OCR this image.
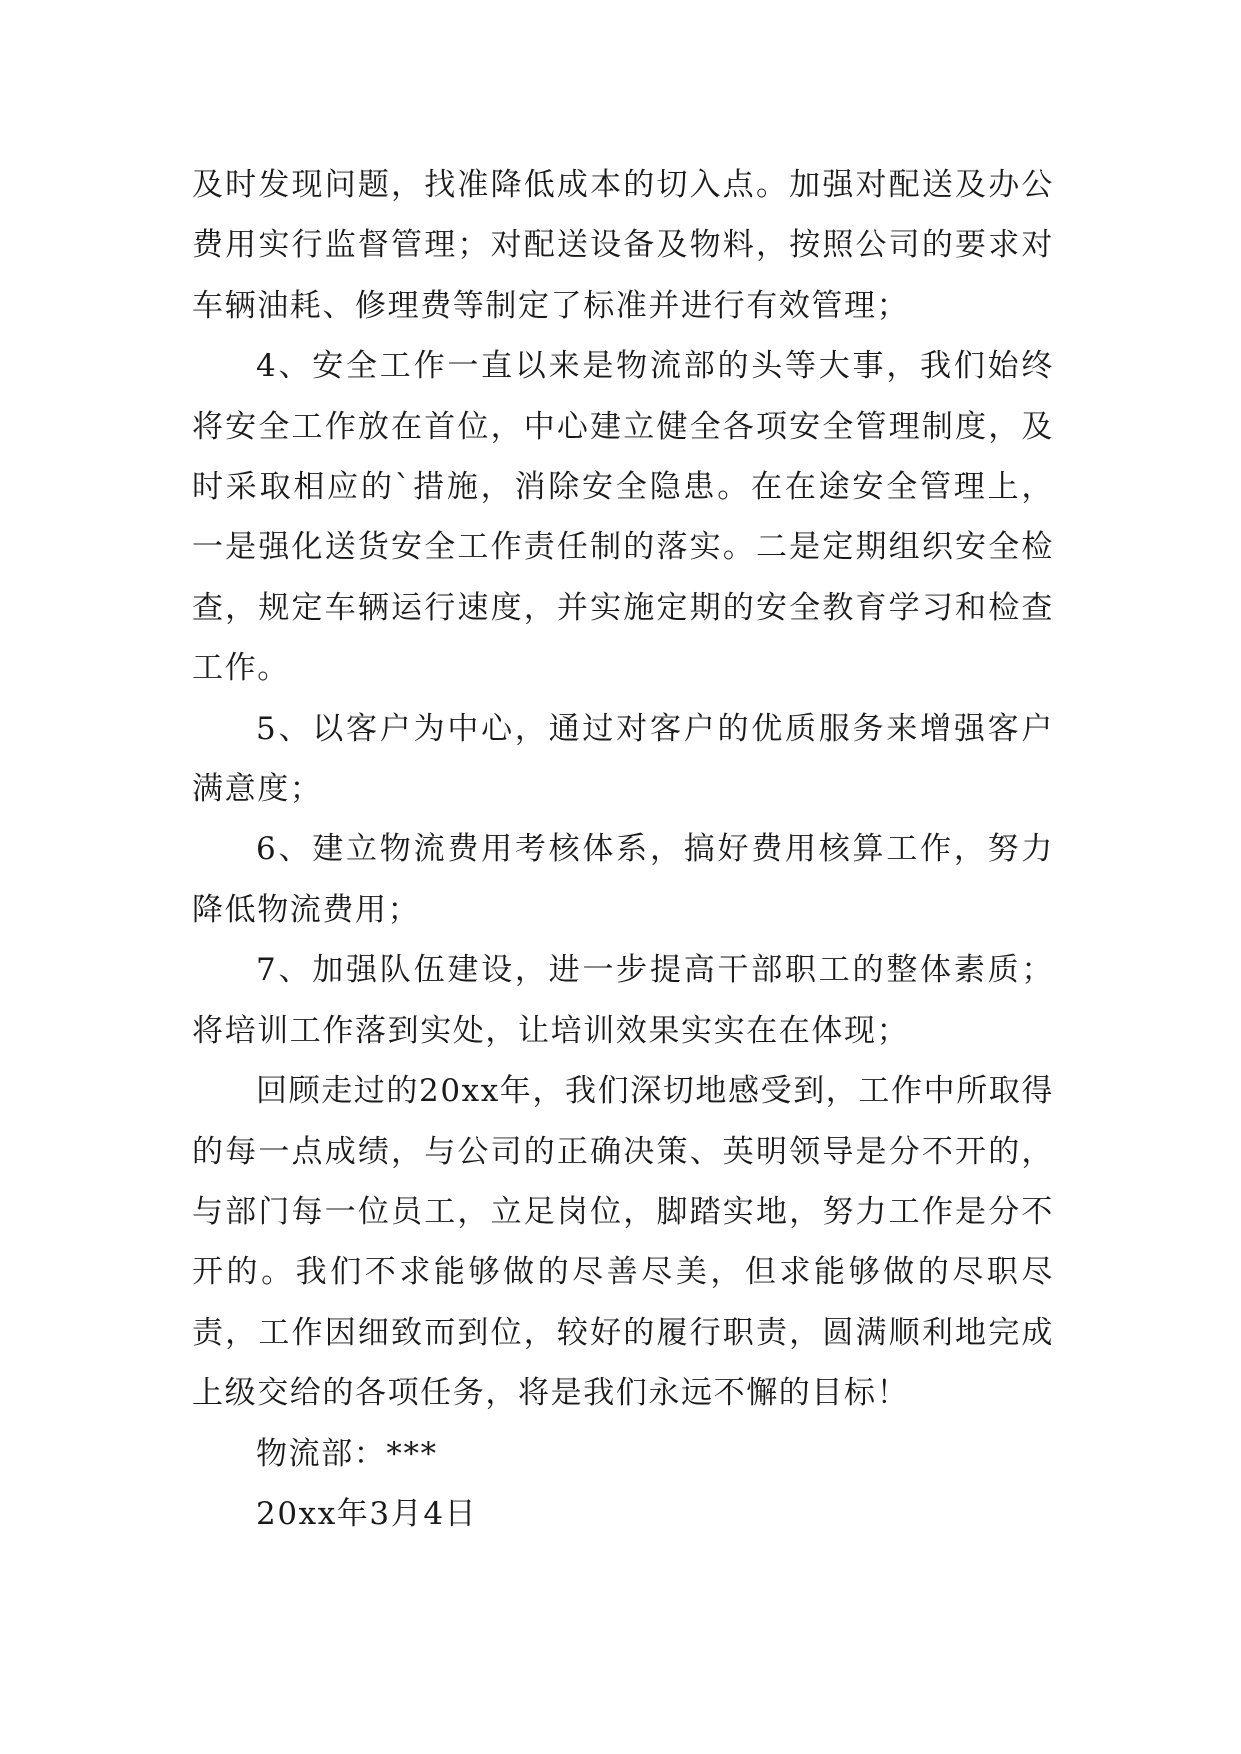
及时发现问题，找准降低成本的切入点。加强对配送及办公费用实行监督管理；对配送设备及物料，按照公司的要求对车辆油耗、修理费等制定了标准并进行有效管理；

4、安全工作一直以来是物流部的头等大事，我们始终将安全工作放在首位，中心建立健全各项安全管理制度，及时采取相应的`措施，消除安全隐患。在在途安全管理上，一是强化送货安全工作责任制的落实。二是定期组织安全检查，规定车辆运行速度，并实施定期的安全教育学习和检查工作。

5、以客户为中心，通过对客户的优质服务来增强客户满意度；

6、建立物流费用考核体系，搞好费用核算工作，努力降低物流费用；

7、加强队伍建设，进一步提高干部职工的整体素质；将培训工作落到实处，让培训效果实实在在体现；

回顾走过的20xx年，我们深切地感受到，工作中所取得的每一点成绩，与公司的正确决策、英明领导是分不开的，与部门每一位员工，立足岗位，脚踏实地，努力工作是分不开的。我们不求能够做的尽善尽美，但求能够做的尽职尽责，工作因细致而到位，较好的履行职责，圆满顺利地完成上级交给的各项任务，将是我们永远不懈的目标！

物流部：***

20xx年3月4日
